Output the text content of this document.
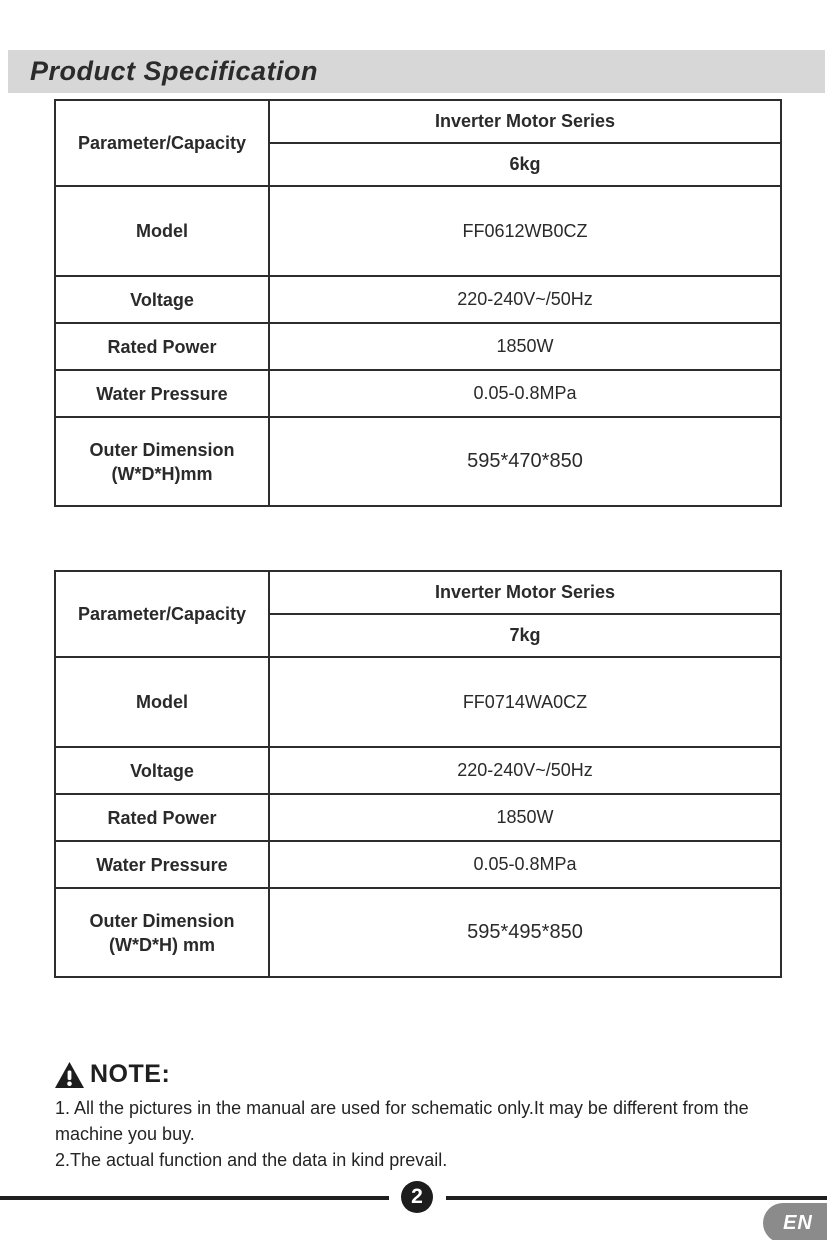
Product Specification
Parameter/Capacity	Inverter Motor Series
	6kg
Model	FF0612WB0CZ
Voltage	220-240V~/50Hz
Rated Power	1850W
Water Pressure	0.05-0.8MPa

Outer Dimension
(W*D*H)mm	595*470*850
Parameter/Capacity	Inverter Motor Series
	7kg
Model	FF0714WA0CZ
Voltage	220-240V~/50Hz
Rated Power	1850W
Water Pressure	0.05-0.8MPa

Outer Dimension
(W*D*H) mm	595*495*850
NOTE:

1. All the pictures in the manual are used for schematic only.It may be different from the machine you buy.

2.The actual function and the data in kind prevail.

2
EN
